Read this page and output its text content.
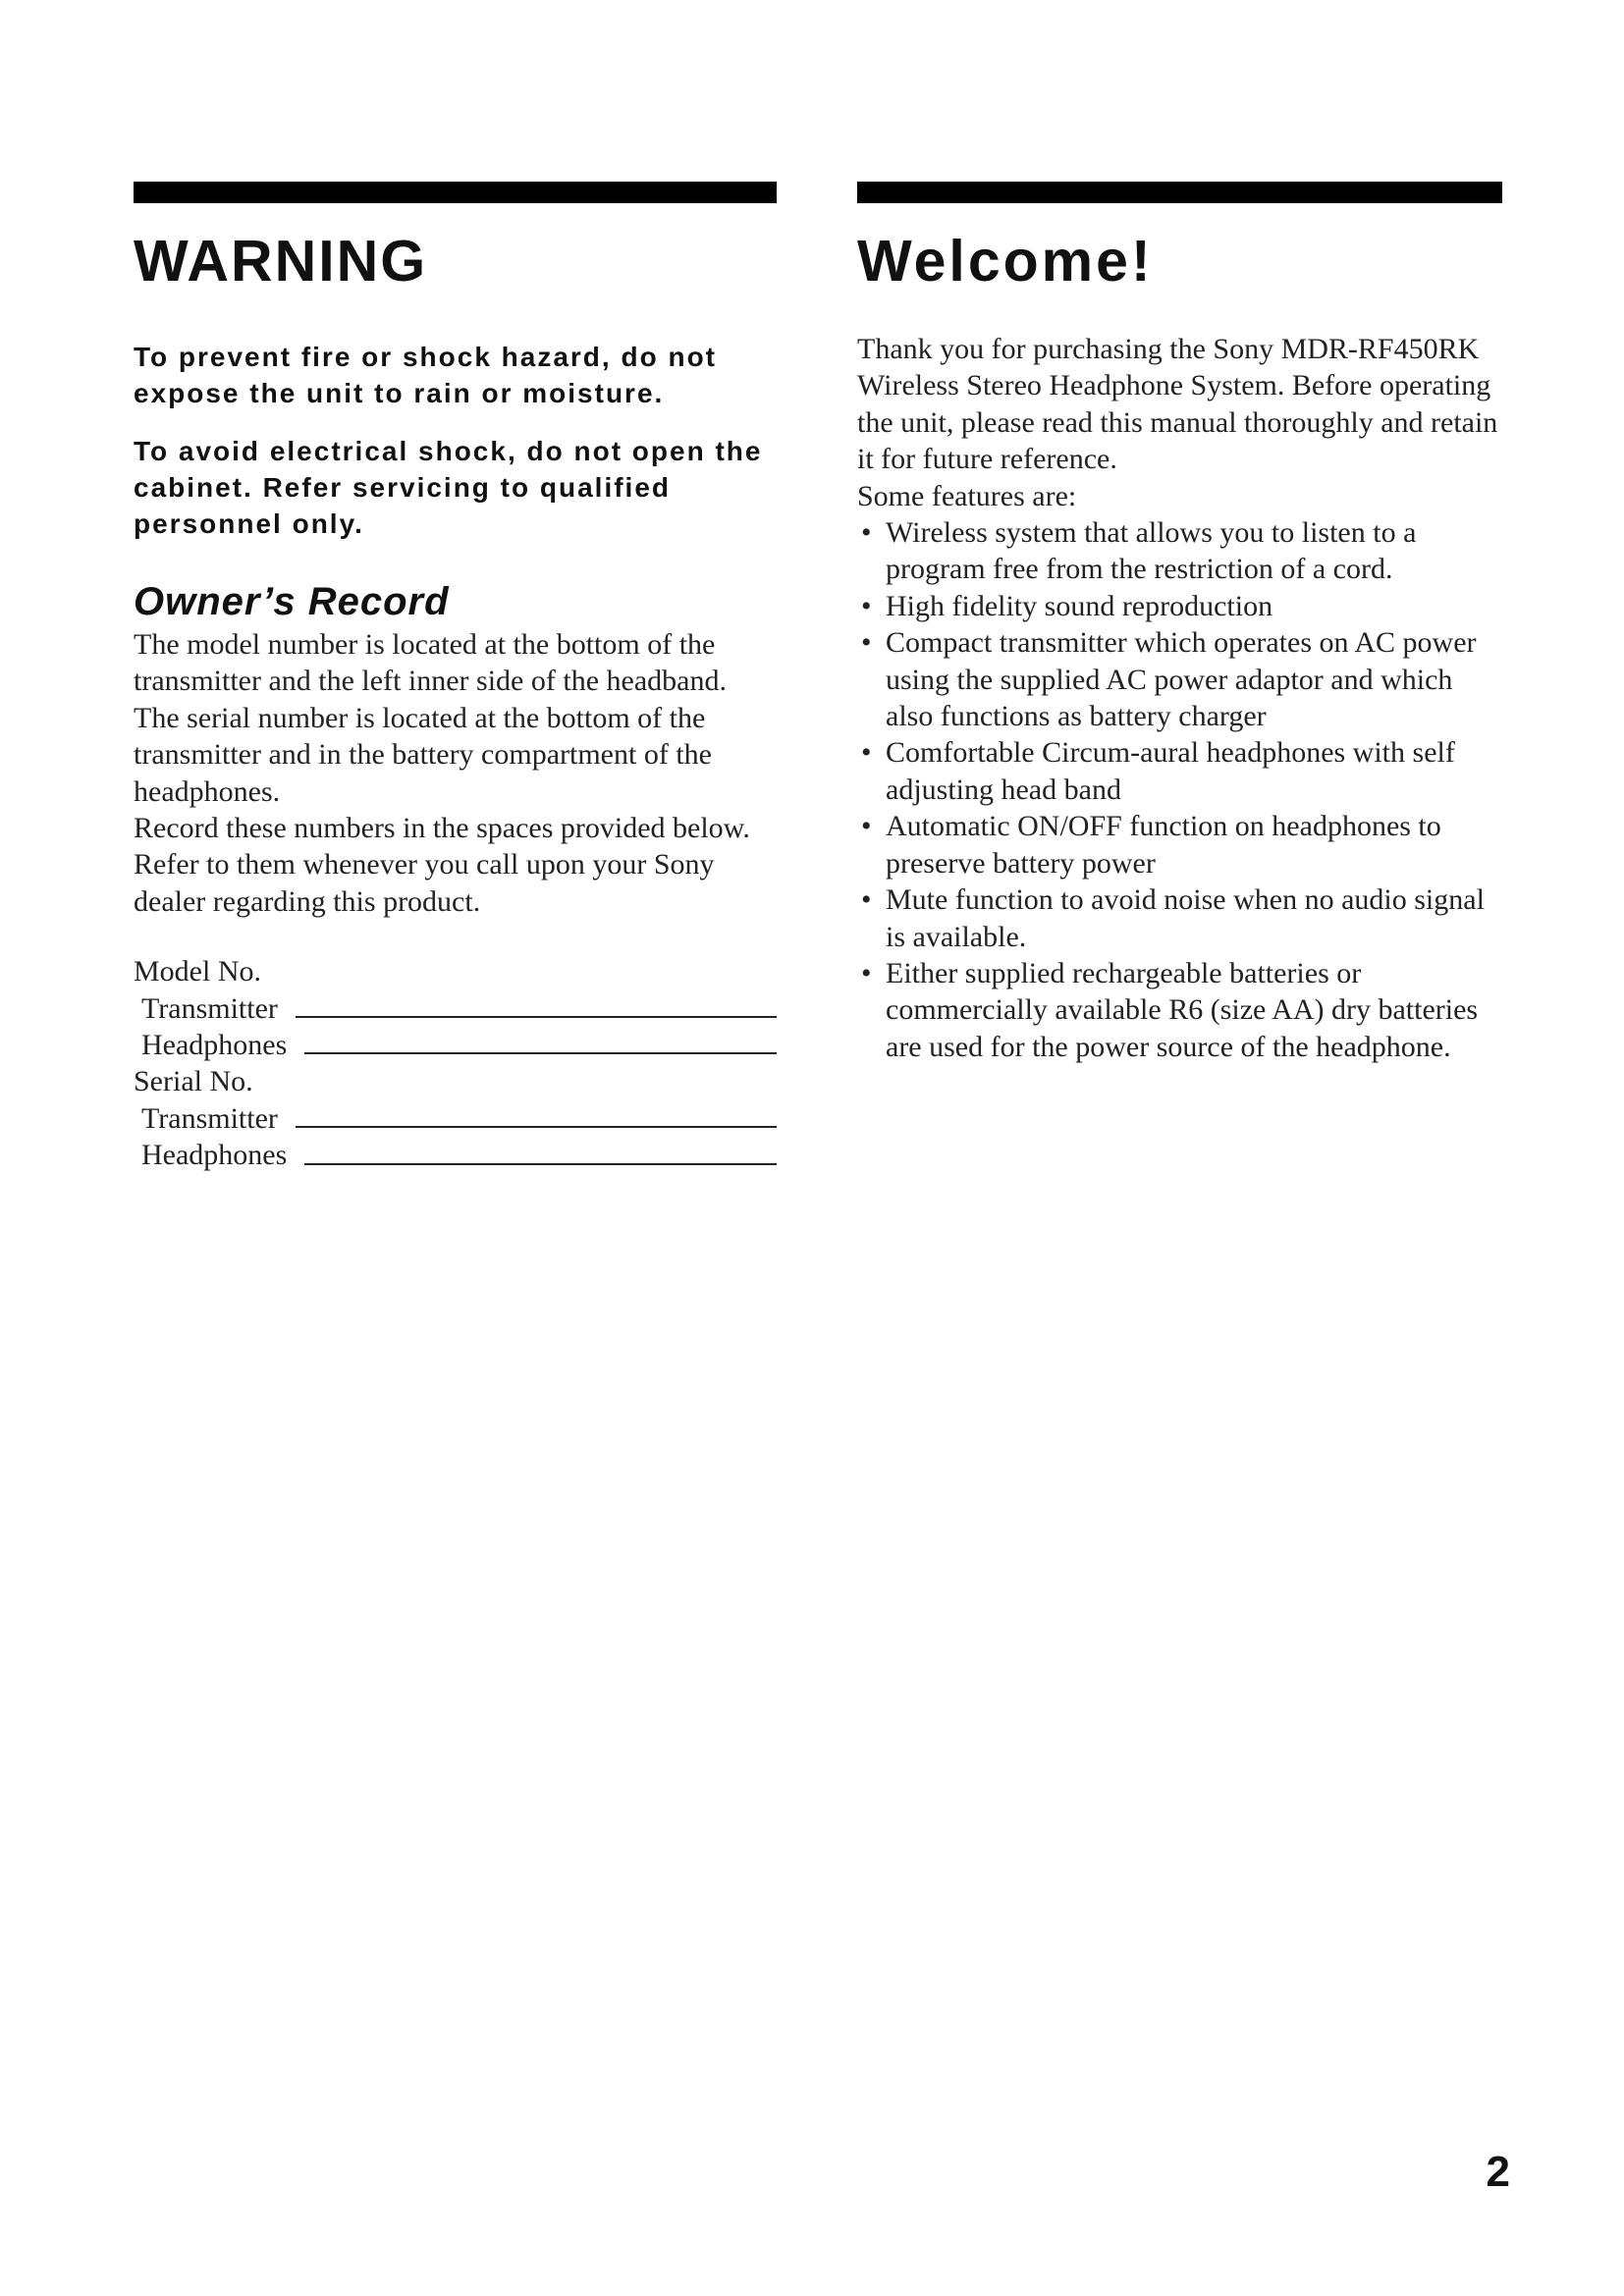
WARNING

To prevent fire or shock hazard, do not expose the unit to rain or moisture.

To avoid electrical shock, do not open the cabinet. Refer servicing to qualified personnel only.

Owner’s Record

The model number is located at the bottom of the transmitter and the left inner side of the headband.

The serial number is located at the bottom of the transmitter and in the battery compartment of the headphones.

Record these numbers in the spaces provided below. Refer to them whenever you call upon your Sony dealer regarding this product.

Model No.
Transmitter
Headphones
Serial No.
Transmitter
Headphones
Welcome!

Thank you for purchasing the Sony MDR-RF450RK Wireless Stereo Headphone System. Before operating the unit, please read this manual thoroughly and retain it for future reference.

Some features are:

• Wireless system that allows you to listen to a program free from the restriction of a cord.
• High fidelity sound reproduction
• Compact transmitter which operates on AC power using the supplied AC power adaptor and which also functions as battery charger
• Comfortable Circum-aural headphones with self adjusting head band
• Automatic ON/OFF function on headphones to preserve battery power
• Mute function to avoid noise when no audio signal is available.
• Either supplied rechargeable batteries or commercially available R6 (size AA) dry batteries are used for the power source of the headphone.
2
